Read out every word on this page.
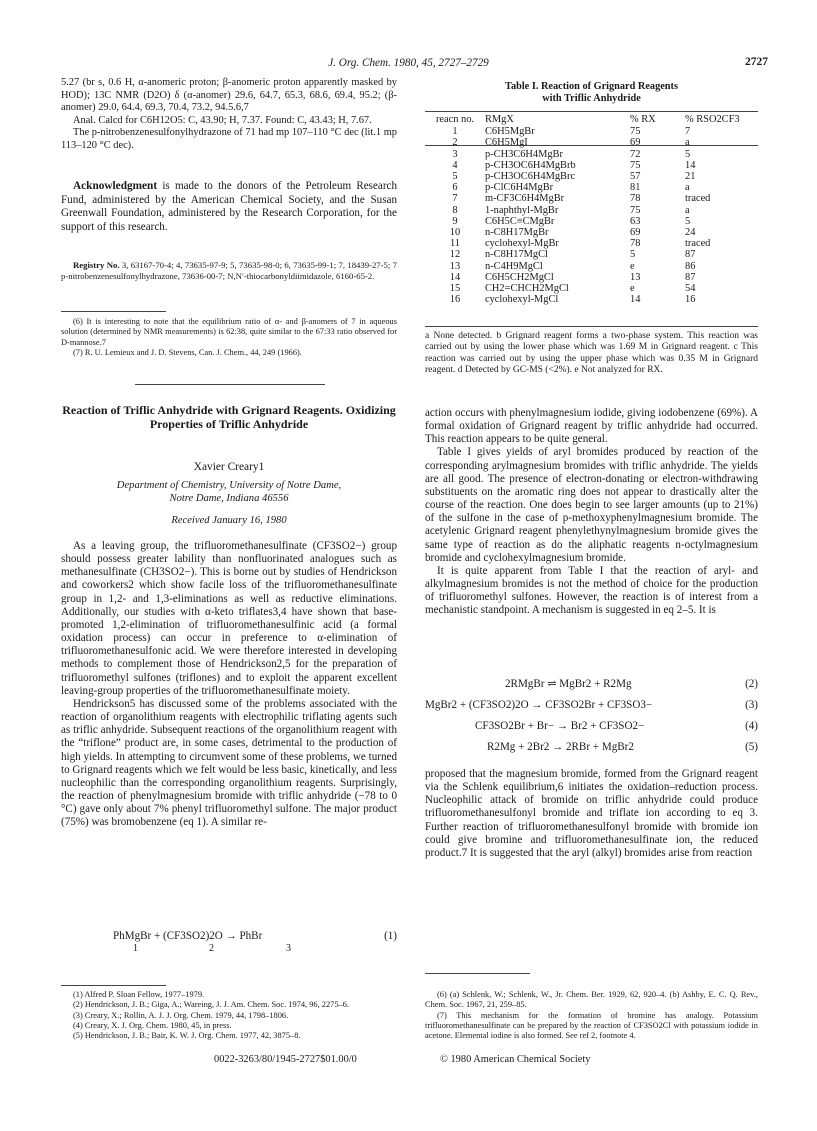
J. Org. Chem. 1980, 45, 2727–2729	2727

5.27 (br s, 0.6 H, α-anomeric proton; β-anomeric proton apparently masked by HOD); 13C NMR (D2O) δ (α-anomer) 29.6, 64.7, 65.3, 68.6, 69.4, 95.2; (β-anomer) 29.0, 64.4, 69.3, 70.4, 73.2, 94.5.6,7

Anal. Calcd for C6H12O5: C, 43.90; H, 7.37. Found: C, 43.43; H, 7.67.

The p-nitrobenzenesulfonylhydrazone of 71 had mp 107–110 °C dec (lit.1 mp 113–120 °C dec).

Acknowledgment is made to the donors of the Petroleum Research Fund, administered by the American Chemical Society, and the Susan Greenwall Foundation, administered by the Research Corporation, for the support of this research.

Registry No. 3, 63167-70-4; 4, 73635-97-9; 5, 73635-98-0; 6, 73635-99-1; 7, 18439-27-5; 7 p-nitrobenzenesulfonylhydrazone, 73636-00-7; N,N′-thiocarbonyldiimidazole, 6160-65-2.

(6) It is interesting to note that the equilibrium ratio of α- and β-anomers of 7 in aqueous solution (determined by NMR measurements) is 62:38, quite similar to the 67:33 ratio observed for D-mannose.7

(7) R. U. Lemieux and J. D. Stevens, Can. J. Chem., 44, 249 (1966).

Reaction of Triflic Anhydride with Grignard Reagents. Oxidizing Properties of Triflic Anhydride
Xavier Creary1
Department of Chemistry, University of Notre Dame,
Notre Dame, Indiana 46556
Received January 16, 1980

As a leaving group, the trifluoromethanesulfinate (CF3SO2−) group should possess greater lability than nonfluorinated analogues such as methanesulfinate (CH3SO2−). This is borne out by studies of Hendrickson and coworkers2 which show facile loss of the trifluoromethanesulfinate group in 1,2- and 1,3-eliminations as well as reductive eliminations. Additionally, our studies with α-keto triflates3,4 have shown that base-promoted 1,2-elimination of trifluoromethanesulfinic acid (a formal oxidation process) can occur in preference to α-elimination of trifluoromethanesulfonic acid. We were therefore interested in developing methods to complement those of Hendrickson2,5 for the preparation of trifluoromethyl sulfones (triflones) and to exploit the apparent excellent leaving-group properties of the trifluoromethanesulfinate moiety.

Hendrickson5 has discussed some of the problems associated with the reaction of organolithium reagents with electrophilic triflating agents such as triflic anhydride. Subsequent reactions of the organolithium reagent with the “triflone” product are, in some cases, detrimental to the production of high yields. In attempting to circumvent some of these problems, we turned to Grignard reagents which we felt would be less basic, kinetically, and less nucleophilic than the corresponding organolithium reagents. Surprisingly, the reaction of phenylmagnesium bromide with triflic anhydride (−78 to 0 °C) gave only about 7% phenyl trifluoromethyl sulfone. The major product (75%) was bromobenzene (eq 1). A similar re-

PhMgBr + (CF3SO2)2O → PhBr	(1)
1	2	3

(1) Alfred P. Sloan Fellow, 1977–1979.

(2) Hendrickson, J. B.; Giga, A.; Wareing, J. J. Am. Chem. Soc. 1974, 96, 2275–6.

(3) Creary, X.; Rollin, A. J. J. Org. Chem. 1979, 44, 1798–1806.

(4) Creary, X. J. Org. Chem. 1980, 45, in press.

(5) Hendrickson, J. B.; Bair, K. W. J. Org. Chem. 1977, 42, 3875–8.

Table I. Reaction of Grignard Reagents
with Triflic Anhydride
reacn no.	RMgX	% RX	% RSO2CF3
1	C6H5MgBr	75	7
2	C6H5MgI	69	a
3	p-CH3C6H4MgBr	72	5
4	p-CH3OC6H4MgBrb	75	14
5	p-CH3OC6H4MgBrc	57	21
6	p-ClC6H4MgBr	81	a
7	m-CF3C6H4MgBr	78	traced
8	1-naphthyl-MgBr	75	a
9	C6H5C≡CMgBr	63	5
10	n-C8H17MgBr	69	24
11	cyclohexyl-MgBr	78	traced
12	n-C8H17MgCl	5	87
13	n-C4H9MgCl	e	86
14	C6H5CH2MgCl	13	87
15	CH2=CHCH2MgCl	e	54
16	cyclohexyl-MgCl	14	16
a None detected. b Grignard reagent forms a two-phase system. This reaction was carried out by using the lower phase which was 1.69 M in Grignard reagent. c This reaction was carried out by using the upper phase which was 0.35 M in Grignard reagent. d Detected by GC-MS (<2%). e Not analyzed for RX.

action occurs with phenylmagnesium iodide, giving iodobenzene (69%). A formal oxidation of Grignard reagent by triflic anhydride had occurred. This reaction appears to be quite general.

Table I gives yields of aryl bromides produced by reaction of the corresponding arylmagnesium bromides with triflic anhydride. The yields are all good. The presence of electron-donating or electron-withdrawing substituents on the aromatic ring does not appear to drastically alter the course of the reaction. One does begin to see larger amounts (up to 21%) of the sulfone in the case of p-methoxyphenylmagnesium bromide. The acetylenic Grignard reagent phenylethynylmagnesium bromide gives the same type of reaction as do the aliphatic reagents n-octylmagnesium bromide and cyclohexylmagnesium bromide.

It is quite apparent from Table I that the reaction of aryl- and alkylmagnesium bromides is not the method of choice for the production of trifluoromethyl sulfones. However, the reaction is of interest from a mechanistic standpoint. A mechanism is suggested in eq 2–5. It is

2RMgBr ⇌ MgBr2 + R2Mg	(2)
MgBr2 + (CF3SO2)2O → CF3SO2Br + CF3SO3−	(3)
CF3SO2Br + Br− → Br2 + CF3SO2−	(4)
R2Mg + 2Br2 → 2RBr + MgBr2	(5)
proposed that the magnesium bromide, formed from the Grignard reagent via the Schlenk equilibrium,6 initiates the oxidation–reduction process. Nucleophilic attack of bromide on triflic anhydride could produce trifluoromethanesulfonyl bromide and triflate ion according to eq 3. Further reaction of trifluoromethanesulfonyl bromide with bromide ion could give bromine and trifluoromethanesulfinate ion, the reduced product.7 It is suggested that the aryl (alkyl) bromides arise from reaction

(6) (a) Schlenk, W.; Schlenk, W., Jr. Chem. Ber. 1929, 62, 920–4. (b) Ashby, E. C. Q. Rev., Chem. Soc. 1967, 21, 259–85.

(7) This mechanism for the formation of bromine has analogy. Potassium trifluoromethanesulfinate can be prepared by the reaction of CF3SO2Cl with potassium iodide in acetone. Elemental iodine is also formed. See ref 2, footnote 4.

0022-3263/80/1945-2727$01.00/0	© 1980 American Chemical Society
